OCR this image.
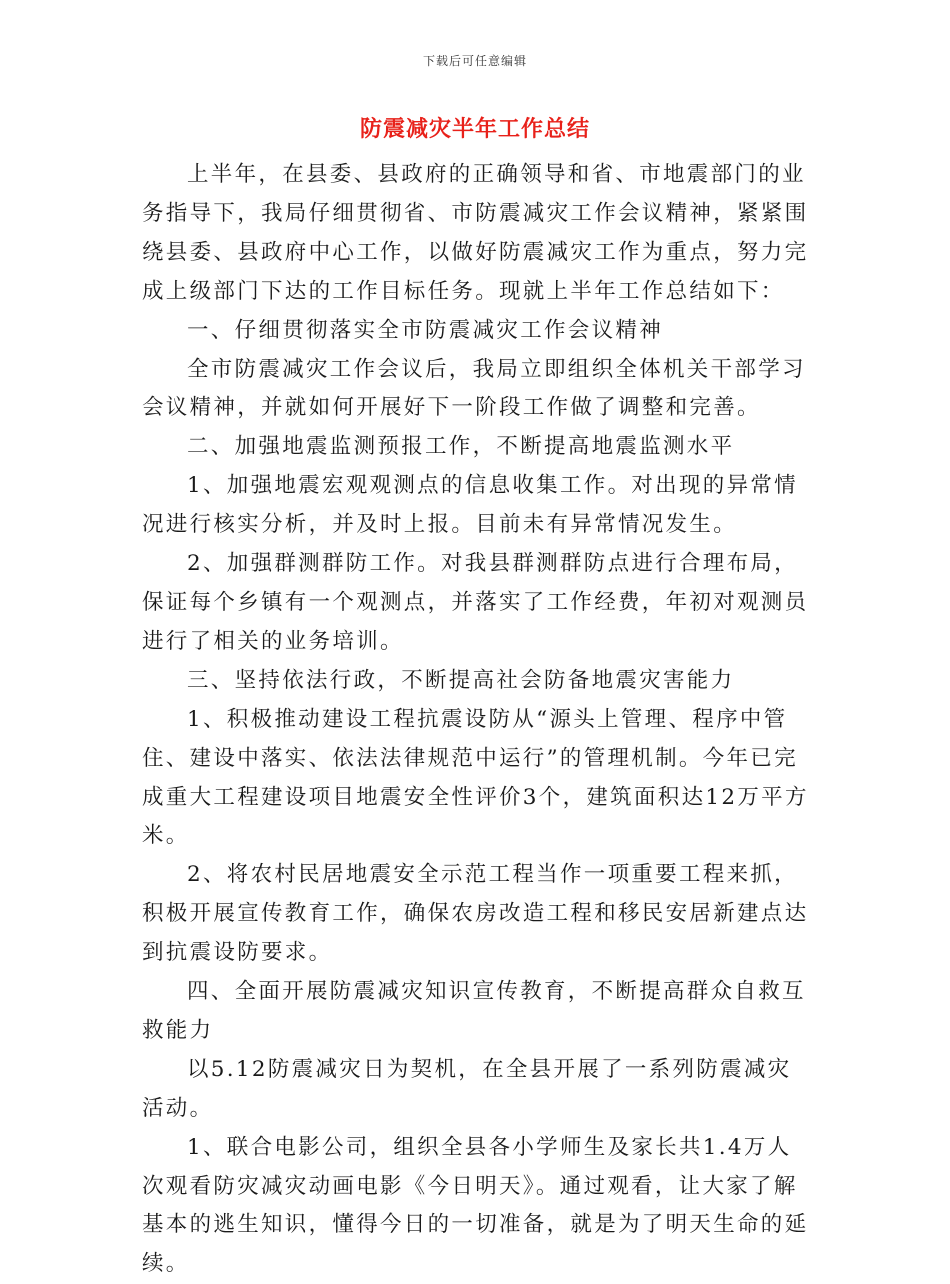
下载后可任意编辑
防震减灾半年工作总结

上半年，在县委、县政府的正确领导和省、市地震部门的业务指导下，我局仔细贯彻省、市防震减灾工作会议精神，紧紧围绕县委、县政府中心工作，以做好防震减灾工作为重点，努力完成上级部门下达的工作目标任务。现就上半年工作总结如下：

一、仔细贯彻落实全市防震减灾工作会议精神

全市防震减灾工作会议后，我局立即组织全体机关干部学习会议精神，并就如何开展好下一阶段工作做了调整和完善。

二、加强地震监测预报工作，不断提高地震监测水平

1、加强地震宏观观测点的信息收集工作。对出现的异常情况进行核实分析，并及时上报。目前未有异常情况发生。

2、加强群测群防工作。对我县群测群防点进行合理布局，保证每个乡镇有一个观测点，并落实了工作经费，年初对观测员进行了相关的业务培训。

三、坚持依法行政，不断提高社会防备地震灾害能力

1、积极推动建设工程抗震设防从“源头上管理、程序中管住、建设中落实、依法法律规范中运行”的管理机制。今年已完成重大工程建设项目地震安全性评价3个，建筑面积达12万平方米。

2、将农村民居地震安全示范工程当作一项重要工程来抓，积极开展宣传教育工作，确保农房改造工程和移民安居新建点达到抗震设防要求。

四、全面开展防震减灾知识宣传教育，不断提高群众自救互救能力

以5.12防震减灾日为契机，在全县开展了一系列防震减灾活动。

1、联合电影公司，组织全县各小学师生及家长共1.4万人次观看防灾减灾动画电影《今日明天》。通过观看，让大家了解基本的逃生知识，懂得今日的一切准备，就是为了明天生命的延续。
